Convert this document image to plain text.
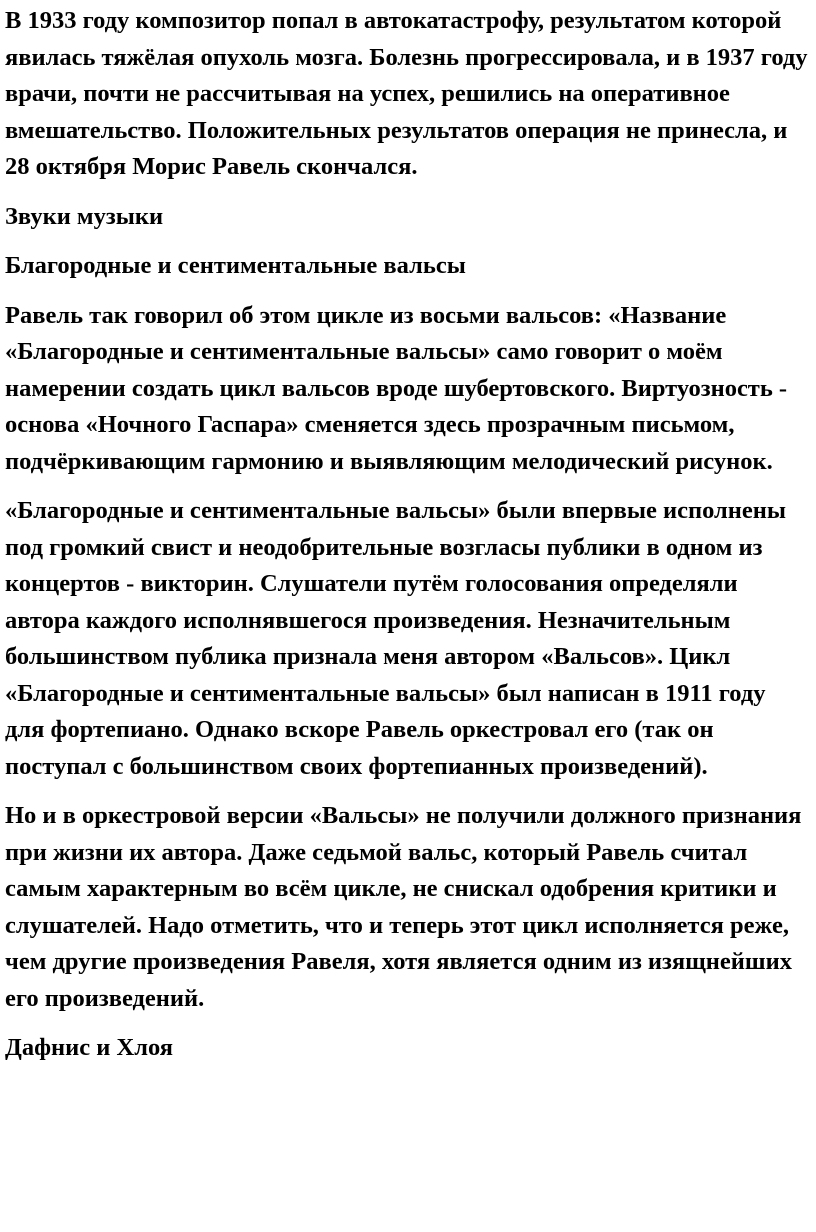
В 1933 году композитор попал в автокатастрофу, результатом которой явилась тяжёлая опухоль мозга. Болезнь прогрессировала, и в 1937 году врачи, почти не рассчитывая на успех, решились на оперативное вмешательство. Положительных результатов операция не принесла, и 28 октября Морис Равель скончался.

Звуки музыки

Благородные и сентиментальные вальсы

Равель так говорил об этом цикле из восьми вальсов: «Название «Благородные и сентиментальные вальсы» само говорит о моём намерении создать цикл вальсов вроде шубертовского. Виртуозность - основа «Ночного Гаспара» сменяется здесь прозрачным письмом, подчёркивающим гармонию и выявляющим мелодический рисунок.

«Благородные и сентиментальные вальсы» были впервые исполнены под громкий свист и неодобрительные возгласы публики в одном из концертов - викторин. Слушатели путём голосования определяли автора каждого исполнявшегося произведения. Незначительным большинством публика признала меня автором «Вальсов». Цикл «Благородные и сентиментальные вальсы» был написан в 1911 году для фортепиано. Однако вскоре Равель оркестровал его (так он поступал с большинством своих фортепианных произведений).

Но и в оркестровой версии «Вальсы» не получили должного признания при жизни их автора. Даже седьмой вальс, который Равель считал самым характерным во всём цикле, не снискал одобрения критики и слушателей. Надо отметить, что и теперь этот цикл исполняется реже, чем другие произведения Равеля, хотя является одним из изящнейших его произведений.

Дафнис и Хлоя
